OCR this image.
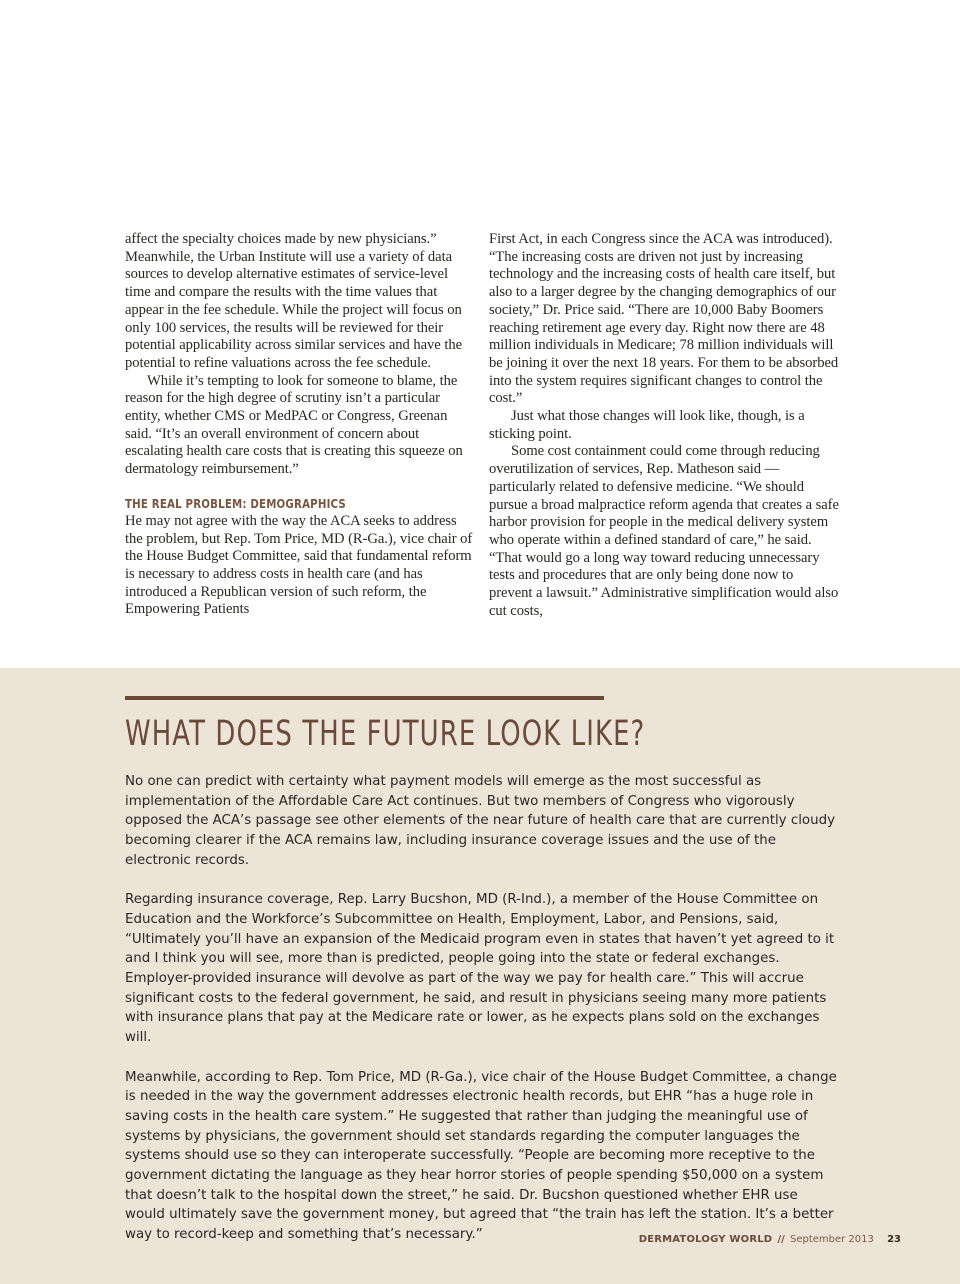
affect the specialty choices made by new physicians.” Meanwhile, the Urban Institute will use a variety of data sources to develop alternative estimates of service-level time and compare the results with the time values that appear in the fee schedule. While the project will focus on only 100 services, the results will be reviewed for their potential applicability across similar services and have the potential to refine valuations across the fee schedule.

While it’s tempting to look for someone to blame, the reason for the high degree of scrutiny isn’t a particular entity, whether CMS or MedPAC or Congress, Greenan said. “It’s an overall environment of concern about escalating health care costs that is creating this squeeze on dermatology reimbursement.”

THE REAL PROBLEM: DEMOGRAPHICS

He may not agree with the way the ACA seeks to address the problem, but Rep. Tom Price, MD (R-Ga.), vice chair of the House Budget Committee, said that fundamental reform is necessary to address costs in health care (and has introduced a Republican version of such reform, the Empowering Patients

First Act, in each Congress since the ACA was introduced). “The increasing costs are driven not just by increasing technology and the increasing costs of health care itself, but also to a larger degree by the changing demographics of our society,” Dr. Price said. “There are 10,000 Baby Boomers reaching retirement age every day. Right now there are 48 million individuals in Medicare; 78 million individuals will be joining it over the next 18 years. For them to be absorbed into the system requires significant changes to control the cost.”

Just what those changes will look like, though, is a sticking point.

Some cost containment could come through reducing overutilization of services, Rep. Matheson said — particularly related to defensive medicine. “We should pursue a broad malpractice reform agenda that creates a safe harbor provision for people in the medical delivery system who operate within a defined standard of care,” he said. “That would go a long way toward reducing unnecessary tests and procedures that are only being done now to prevent a lawsuit.” Administrative simplification would also cut costs,

WHAT DOES THE FUTURE LOOK LIKE?

No one can predict with certainty what payment models will emerge as the most successful as implementation of the Affordable Care Act continues. But two members of Congress who vigorously opposed the ACA’s passage see other elements of the near future of health care that are currently cloudy becoming clearer if the ACA remains law, including insurance coverage issues and the use of the electronic records.

Regarding insurance coverage, Rep. Larry Bucshon, MD (R-Ind.), a member of the House Committee on Education and the Workforce’s Subcommittee on Health, Employment, Labor, and Pensions, said, “Ultimately you’ll have an expansion of the Medicaid program even in states that haven’t yet agreed to it and I think you will see, more than is predicted, people going into the state or federal exchanges. Employer-provided insurance will devolve as part of the way we pay for health care.” This will accrue significant costs to the federal government, he said, and result in physicians seeing many more patients with insurance plans that pay at the Medicare rate or lower, as he expects plans sold on the exchanges will.

Meanwhile, according to Rep. Tom Price, MD (R-Ga.), vice chair of the House Budget Committee, a change is needed in the way the government addresses electronic health records, but EHR “has a huge role in saving costs in the health care system.” He suggested that rather than judging the meaningful use of systems by physicians, the government should set standards regarding the computer languages the systems should use so they can interoperate successfully. “People are becoming more receptive to the government dictating the language as they hear horror stories of people spending $50,000 on a system that doesn’t talk to the hospital down the street,” he said. Dr. Bucshon questioned whether EHR use would ultimately save the government money, but agreed that “the train has left the station. It’s a better way to record-keep and something that’s necessary.”	DERMATOLOGY WORLD // September 2013 23
